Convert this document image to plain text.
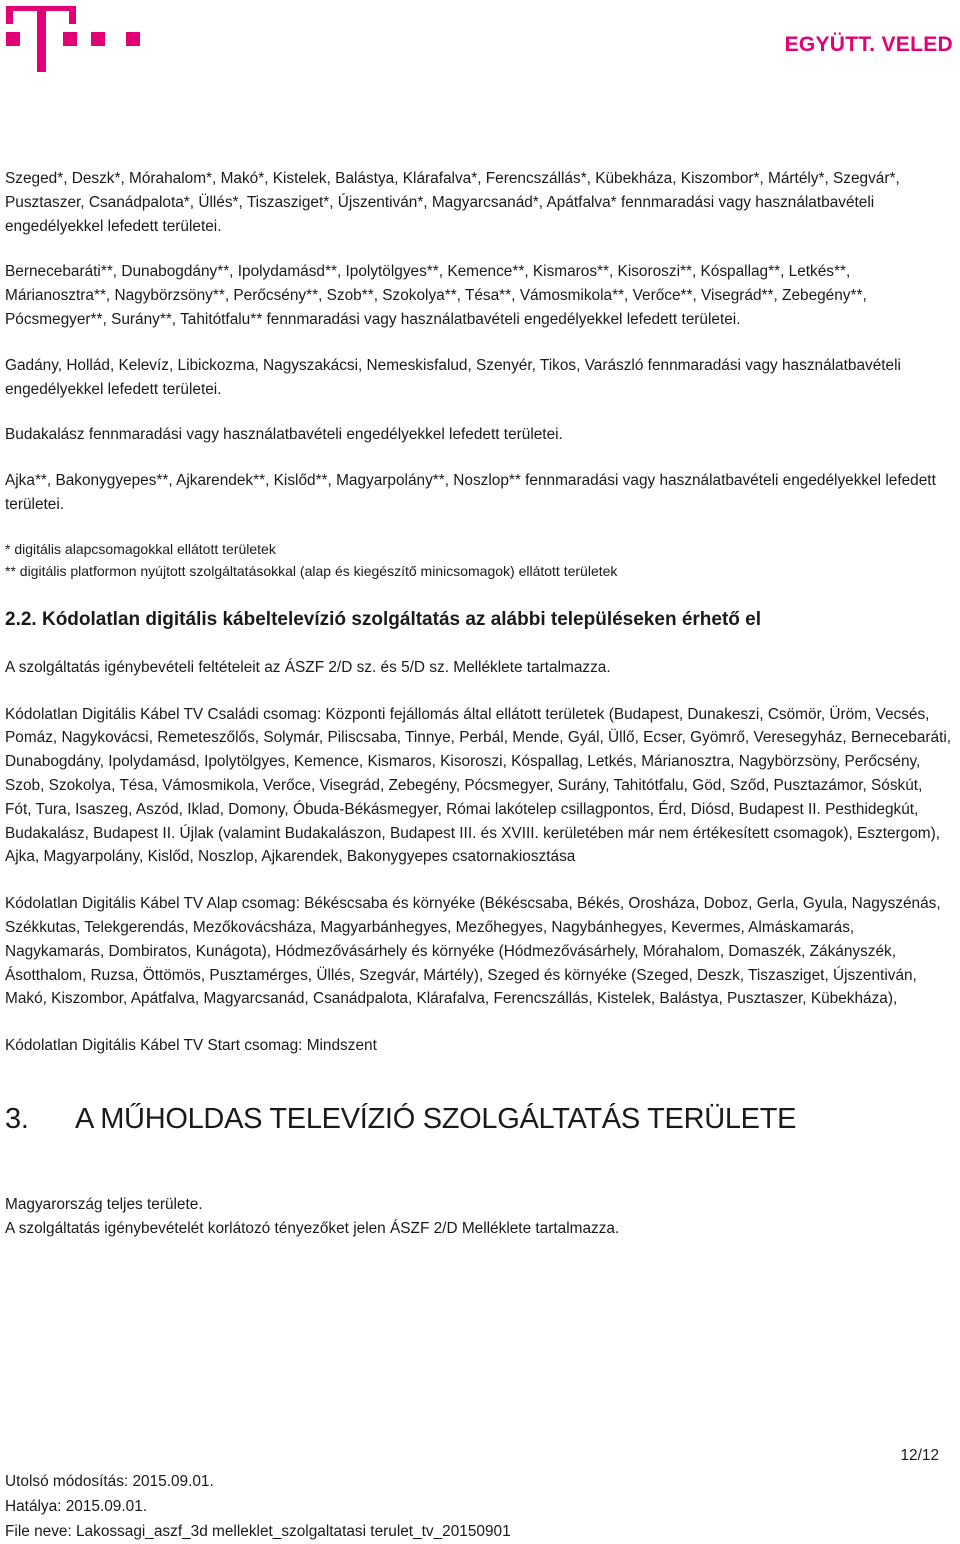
EGYÜTT. VELED

Szeged*, Deszk*, Mórahalom*, Makó*, Kistelek, Balástya, Klárafalva*, Ferencszállás*, Kübekháza, Kiszombor*, Mártély*, Szegvár*, Pusztaszer, Csanádpalota*, Üllés*, Tiszasziget*, Újszentiván*, Magyarcsanád*, Apátfalva* fennmaradási vagy használatbavételi engedélyekkel lefedett területei.

Bernecebaráti**, Dunabogdány**, Ipolydamásd**, Ipolytölgyes**, Kemence**, Kismaros**, Kisoroszi**, Kóspallag**, Letkés**, Márianosztra**, Nagybörzsöny**, Perőcsény**, Szob**, Szokolya**, Tésa**, Vámosmikola**, Verőce**, Visegrád**, Zebegény**, Pócsmegyer**, Surány**, Tahitótfalu** fennmaradási vagy használatbavételi engedélyekkel lefedett területei.

Gadány, Hollád, Kelevíz, Libickozma, Nagyszakácsi, Nemeskisfalud, Szenyér, Tikos, Varászló fennmaradási vagy használatbavételi engedélyekkel lefedett területei.

Budakalász fennmaradási vagy használatbavételi engedélyekkel lefedett területei.

Ajka**, Bakonygyepes**, Ajkarendek**, Kislőd**, Magyarpolány**, Noszlop** fennmaradási vagy használatbavételi engedélyekkel lefedett területei.

* digitális alapcsomagokkal ellátott területek

** digitális platformon nyújtott szolgáltatásokkal (alap és kiegészítő minicsomagok) ellátott területek

2.2. Kódolatlan digitális kábeltelevízió szolgáltatás az alábbi településeken érhető el

A szolgáltatás igénybevételi feltételeit az ÁSZF 2/D sz. és 5/D sz. Melléklete tartalmazza.

Kódolatlan Digitális Kábel TV Családi csomag: Központi fejállomás által ellátott területek (Budapest, Dunakeszi, Csömör, Üröm, Vecsés, Pomáz, Nagykovácsi, Remeteszőlős, Solymár, Piliscsaba, Tinnye, Perbál, Mende, Gyál, Üllő, Ecser, Gyömrő, Veresegyház, Bernecebaráti, Dunabogdány, Ipolydamásd, Ipolytölgyes, Kemence, Kismaros, Kisoroszi, Kóspallag, Letkés, Márianosztra, Nagybörzsöny, Perőcsény, Szob, Szokolya, Tésa, Vámosmikola, Verőce, Visegrád, Zebegény, Pócsmegyer, Surány, Tahitótfalu, Göd, Sződ, Pusztazámor, Sóskút, Fót, Tura, Isaszeg, Aszód, Iklad, Domony, Óbuda-Békásmegyer, Római lakótelep csillagpontos, Érd, Diósd, Budapest II. Pesthidegkút, Budakalász, Budapest II. Újlak (valamint Budakalászon, Budapest III. és XVIII. kerületében már nem értékesített csomagok), Esztergom), Ajka, Magyarpolány, Kislőd, Noszlop, Ajkarendek, Bakonygyepes csatornakiosztása

Kódolatlan Digitális Kábel TV Alap csomag: Békéscsaba és környéke (Békéscsaba, Békés, Orosháza, Doboz, Gerla, Gyula, Nagyszénás, Székkutas, Telekgerendás, Mezőkovácsháza, Magyarbánhegyes, Mezőhegyes, Nagybánhegyes, Kevermes, Almáskamarás, Nagykamarás, Dombiratos, Kunágota), Hódmezővásárhely és környéke (Hódmezővásárhely, Mórahalom, Domaszék, Zákányszék, Ásotthalom, Ruzsa, Öttömös, Pusztamérges, Üllés, Szegvár, Mártély), Szeged és környéke (Szeged, Deszk, Tiszasziget, Újszentiván, Makó, Kiszombor, Apátfalva, Magyarcsanád, Csanádpalota, Klárafalva, Ferencszállás, Kistelek, Balástya, Pusztaszer, Kübekháza),

Kódolatlan Digitális Kábel TV Start csomag: Mindszent

3. A MŰHOLDAS TELEVÍZIÓ SZOLGÁLTATÁS TERÜLETE

Magyarország teljes területe.

A szolgáltatás igénybevételét korlátozó tényezőket jelen ÁSZF 2/D Melléklete tartalmazza.

12/12
Utolsó módosítás: 2015.09.01.
Hatálya: 2015.09.01.
File neve: Lakossagi_aszf_3d melleklet_szolgaltatasi terulet_tv_20150901
